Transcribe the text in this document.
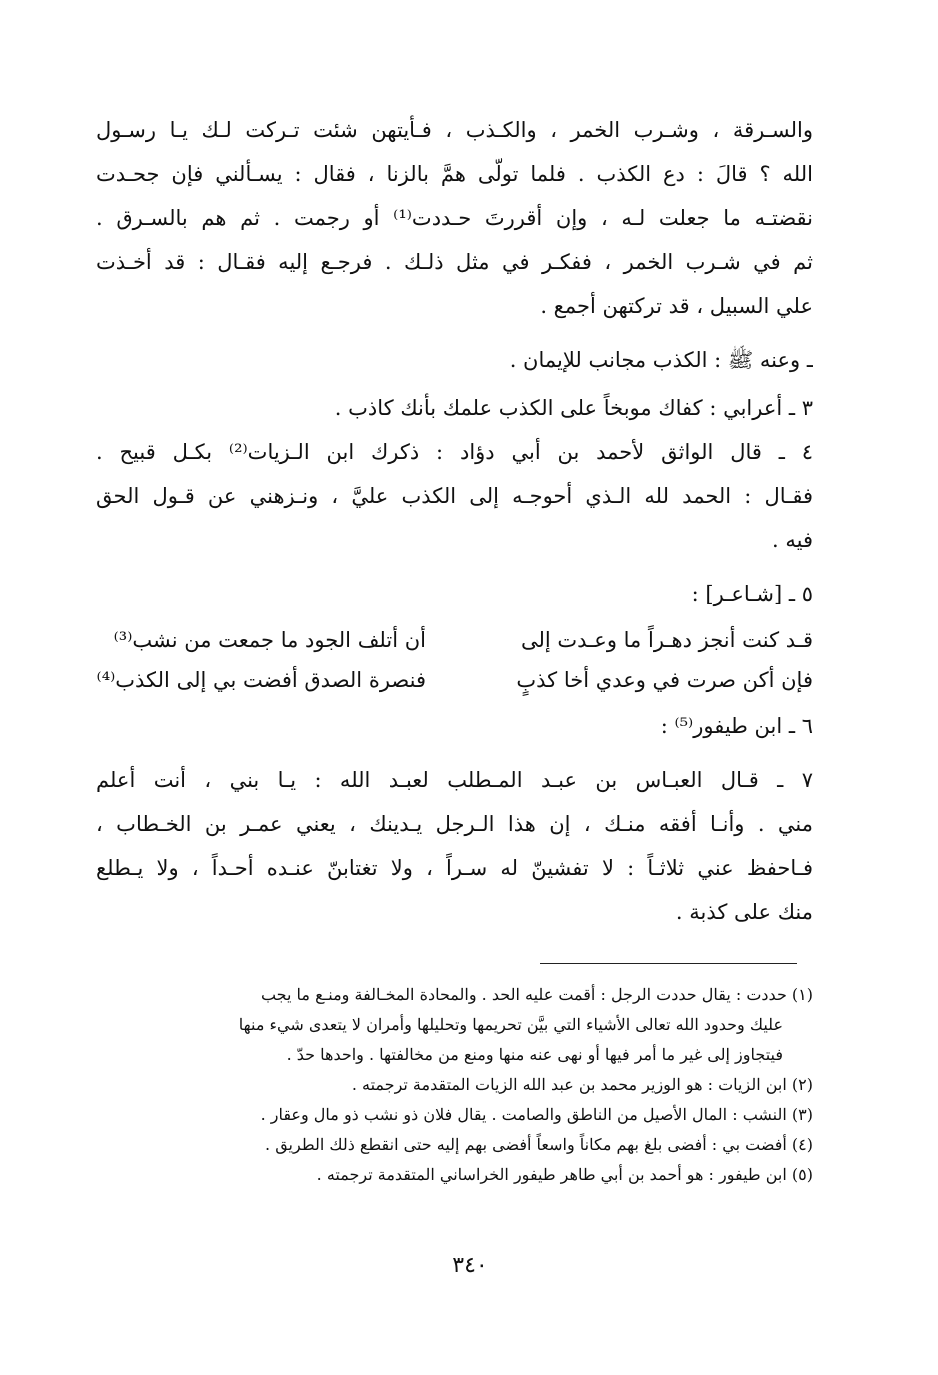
والسـرقة ، وشـرب الخمر ، والكـذب ، فـأيتهن شئت تـركت لـك يـا رسـول
الله ؟ قالَ : دع الكذب . فلما تولّى همَّ بالزنا ، فقال : يسـألني فإن جحـدت
نقضتـه ما جعلت لـه ، وإن أقررتَ حـددت⁽¹⁾ أو رجمت . ثم هم بالسـرق .
ثم في شـرب الخمر ، ففكـر في مثل ذلـك . فرجـع إليه فقـال : قد أخـذت
علي السبيل ، قد تركتهن أجمع .
ـ وعنه ﷺ : الكذب مجانب للإيمان .
٣ ـ أعرابي : كفاك موبخاً على الكذب علمك بأنك كاذب .
٤ ـ قال الواثق لأحمد بن أبي دؤاد : ذكرك ابن الـزيات⁽²⁾ بكـل قبيح .
فقـال : الحمد لله الـذي أحوجـه إلى الكذب عليَّ ، ونـزهني عن قـول الحق
فيه .
٥ ـ [شـاعـر] :
قـد كنت أنجز دهـراً ما وعـدت إلى
أن أتلف الجود ما جمعت من نشب⁽³⁾
فإن أكن صرت في وعدي أخا كذبٍ
فنصرة الصدق أفضت بي إلى الكذب⁽⁴⁾
٦ ـ ابن طيفور⁽⁵⁾ :
٧ ـ قـال العبـاس بن عبـد المـطلب لعبـد الله : يـا بني ، أنت أعلم
مني . وأنـا أفقه منـك ، إن هذا الـرجل يـدينك ، يعني عمـر بن الخـطاب ،
فـاحفظ عني ثلاثـاً : لا تفشينّ له سـراً ، ولا تغتابنّ عنـده أحـداً ، ولا يـطلع
منك على كذبة .
(١) حددت : يقال حددت الرجل : أقمت عليه الحد . والمحادة المخـالفة ومنـع ما يجب
عليك وحدود الله تعالى الأشياء التي بيَّن تحريمها وتحليلها وأمران لا يتعدى شيء منها
فيتجاوز إلى غير ما أمر فيها أو نهى عنه منها ومنع من مخالفتها . واحدها حدّ .
(٢) ابن الزيات : هو الوزير محمد بن عبد الله الزيات المتقدمة ترجمته .
(٣) النشب : المال الأصيل من الناطق والصامت . يقال فلان ذو نشب ذو مال وعقار .
(٤) أفضت بي : أفضى بلغ بهم مكاناً واسعاً أفضى بهم إليه حتى انقطع ذلك الطريق .
(٥) ابن طيفور : هو أحمد بن أبي طاهر طيفور الخراساني المتقدمة ترجمته .
٣٤٠
